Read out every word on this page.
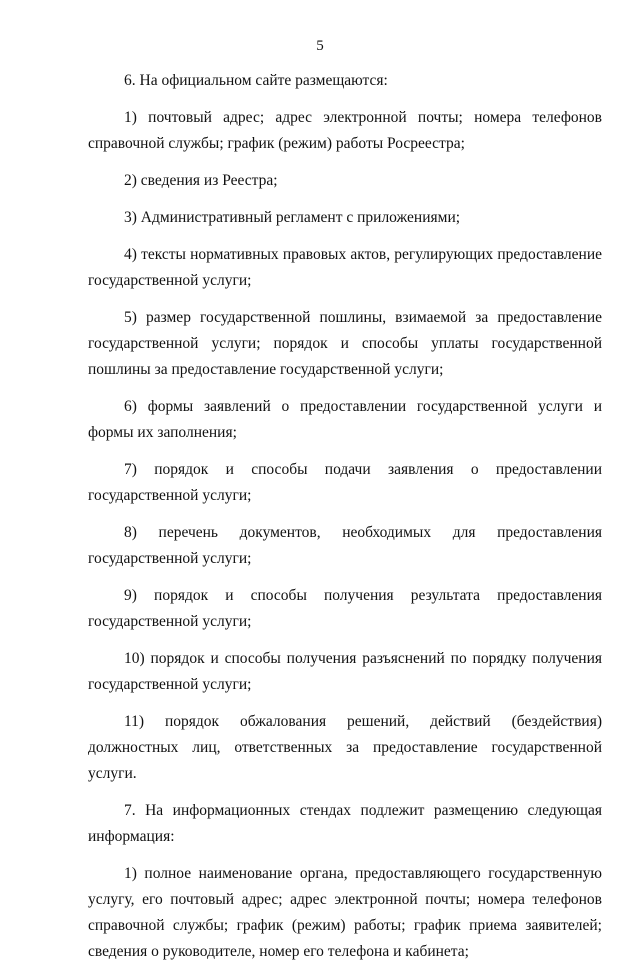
5

6. На официальном сайте размещаются:

1) почтовый адрес; адрес электронной почты; номера телефонов справочной службы; график (режим) работы Росреестра;

2) сведения из Реестра;

3) Административный регламент с приложениями;

4) тексты нормативных правовых актов, регулирующих предоставление государственной услуги;

5) размер государственной пошлины, взимаемой за предоставление государственной услуги; порядок и способы уплаты государственной пошлины за предоставление государственной услуги;

6) формы заявлений о предоставлении государственной услуги и формы их заполнения;

7) порядок и способы подачи заявления о предоставлении государственной услуги;

8) перечень документов, необходимых для предоставления государственной услуги;

9) порядок и способы получения результата предоставления государственной услуги;

10) порядок и способы получения разъяснений по порядку получения государственной услуги;

11) порядок обжалования решений, действий (бездействия) должностных лиц, ответственных за предоставление государственной услуги.

7. На информационных стендах подлежит размещению следующая информация:

1) полное наименование органа, предоставляющего государственную услугу, его почтовый адрес; адрес электронной почты; номера телефонов справочной службы; график (режим) работы; график приема заявителей; сведения о руководителе, номер его телефона и кабинета;
